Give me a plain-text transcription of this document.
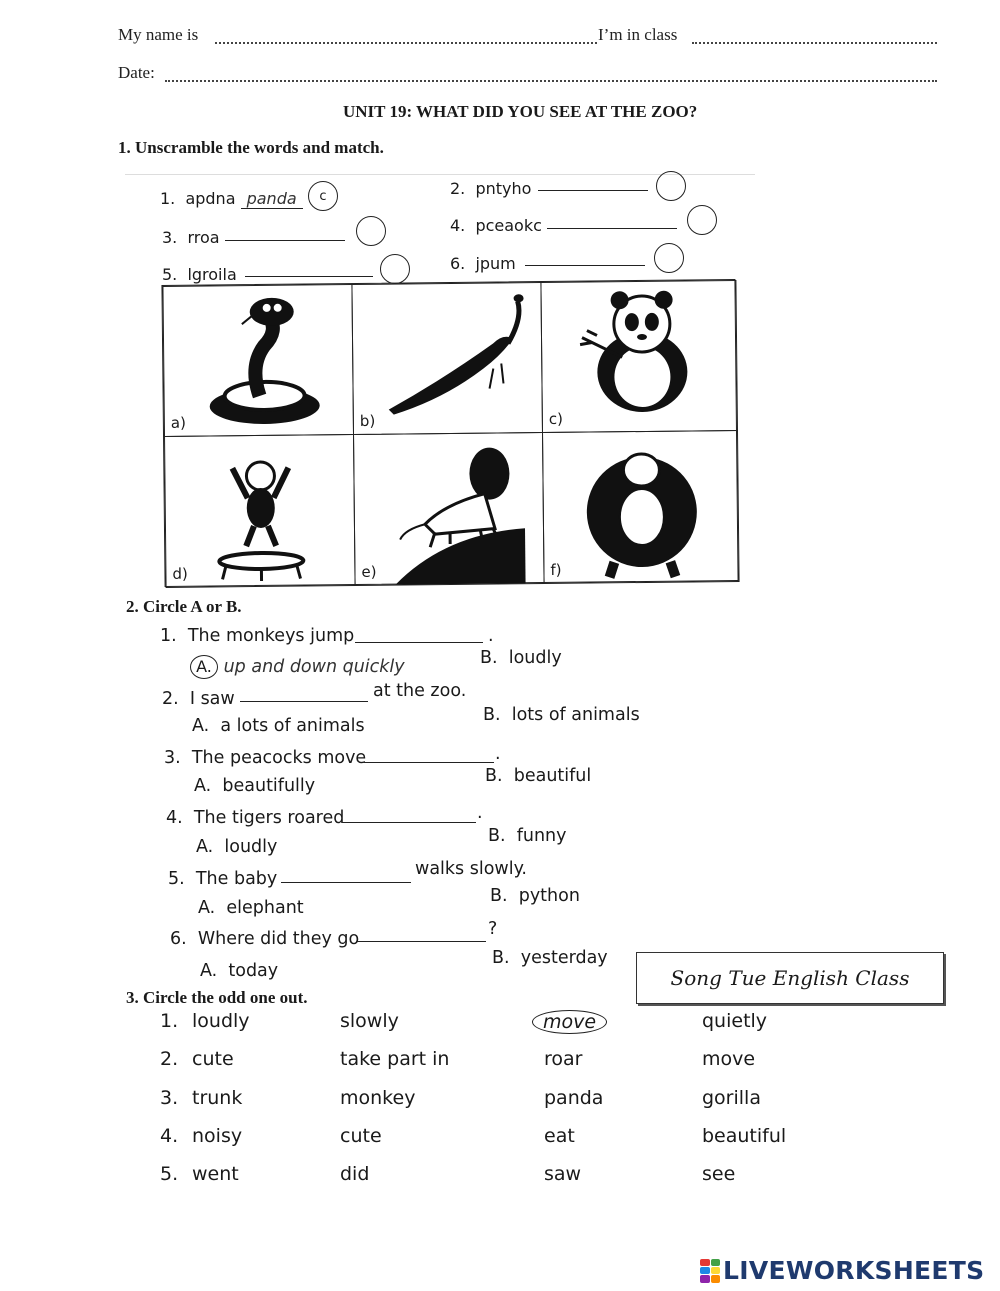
My name is	I’m in class
Date:
UNIT 19: WHAT DID YOU SEE AT THE ZOO?
1. Unscramble the words and match.
1. apdna panda	c	2. pntyho
3. rroa
4. pceaokc
5. lgroila
6. jpum
a)	b)	c)
d)	e)	f)
2. Circle A or B.
1. The monkeys jump	.
A. up and down quickly	B. loudly
2. I saw	at the zoo.
A. a lots of animals
B. lots of animals
3. The peacocks move	.
A. beautifully	B. beautiful
4. The tigers roared	.
A. loudly
B. funny
5. The baby	walks slowly.
A. elephant
B. python
6. Where did they go	?
A. today
B. yesterday
Song Tue English Class
3. Circle the odd one out.
1. loudly	slowly	move	quietly
2. cute	take part in	roar	move
3. trunk	monkey	panda	gorilla
4. noisy	cute	eat	beautiful
5. went	did	saw	see
LIVEWORKSHEETS
